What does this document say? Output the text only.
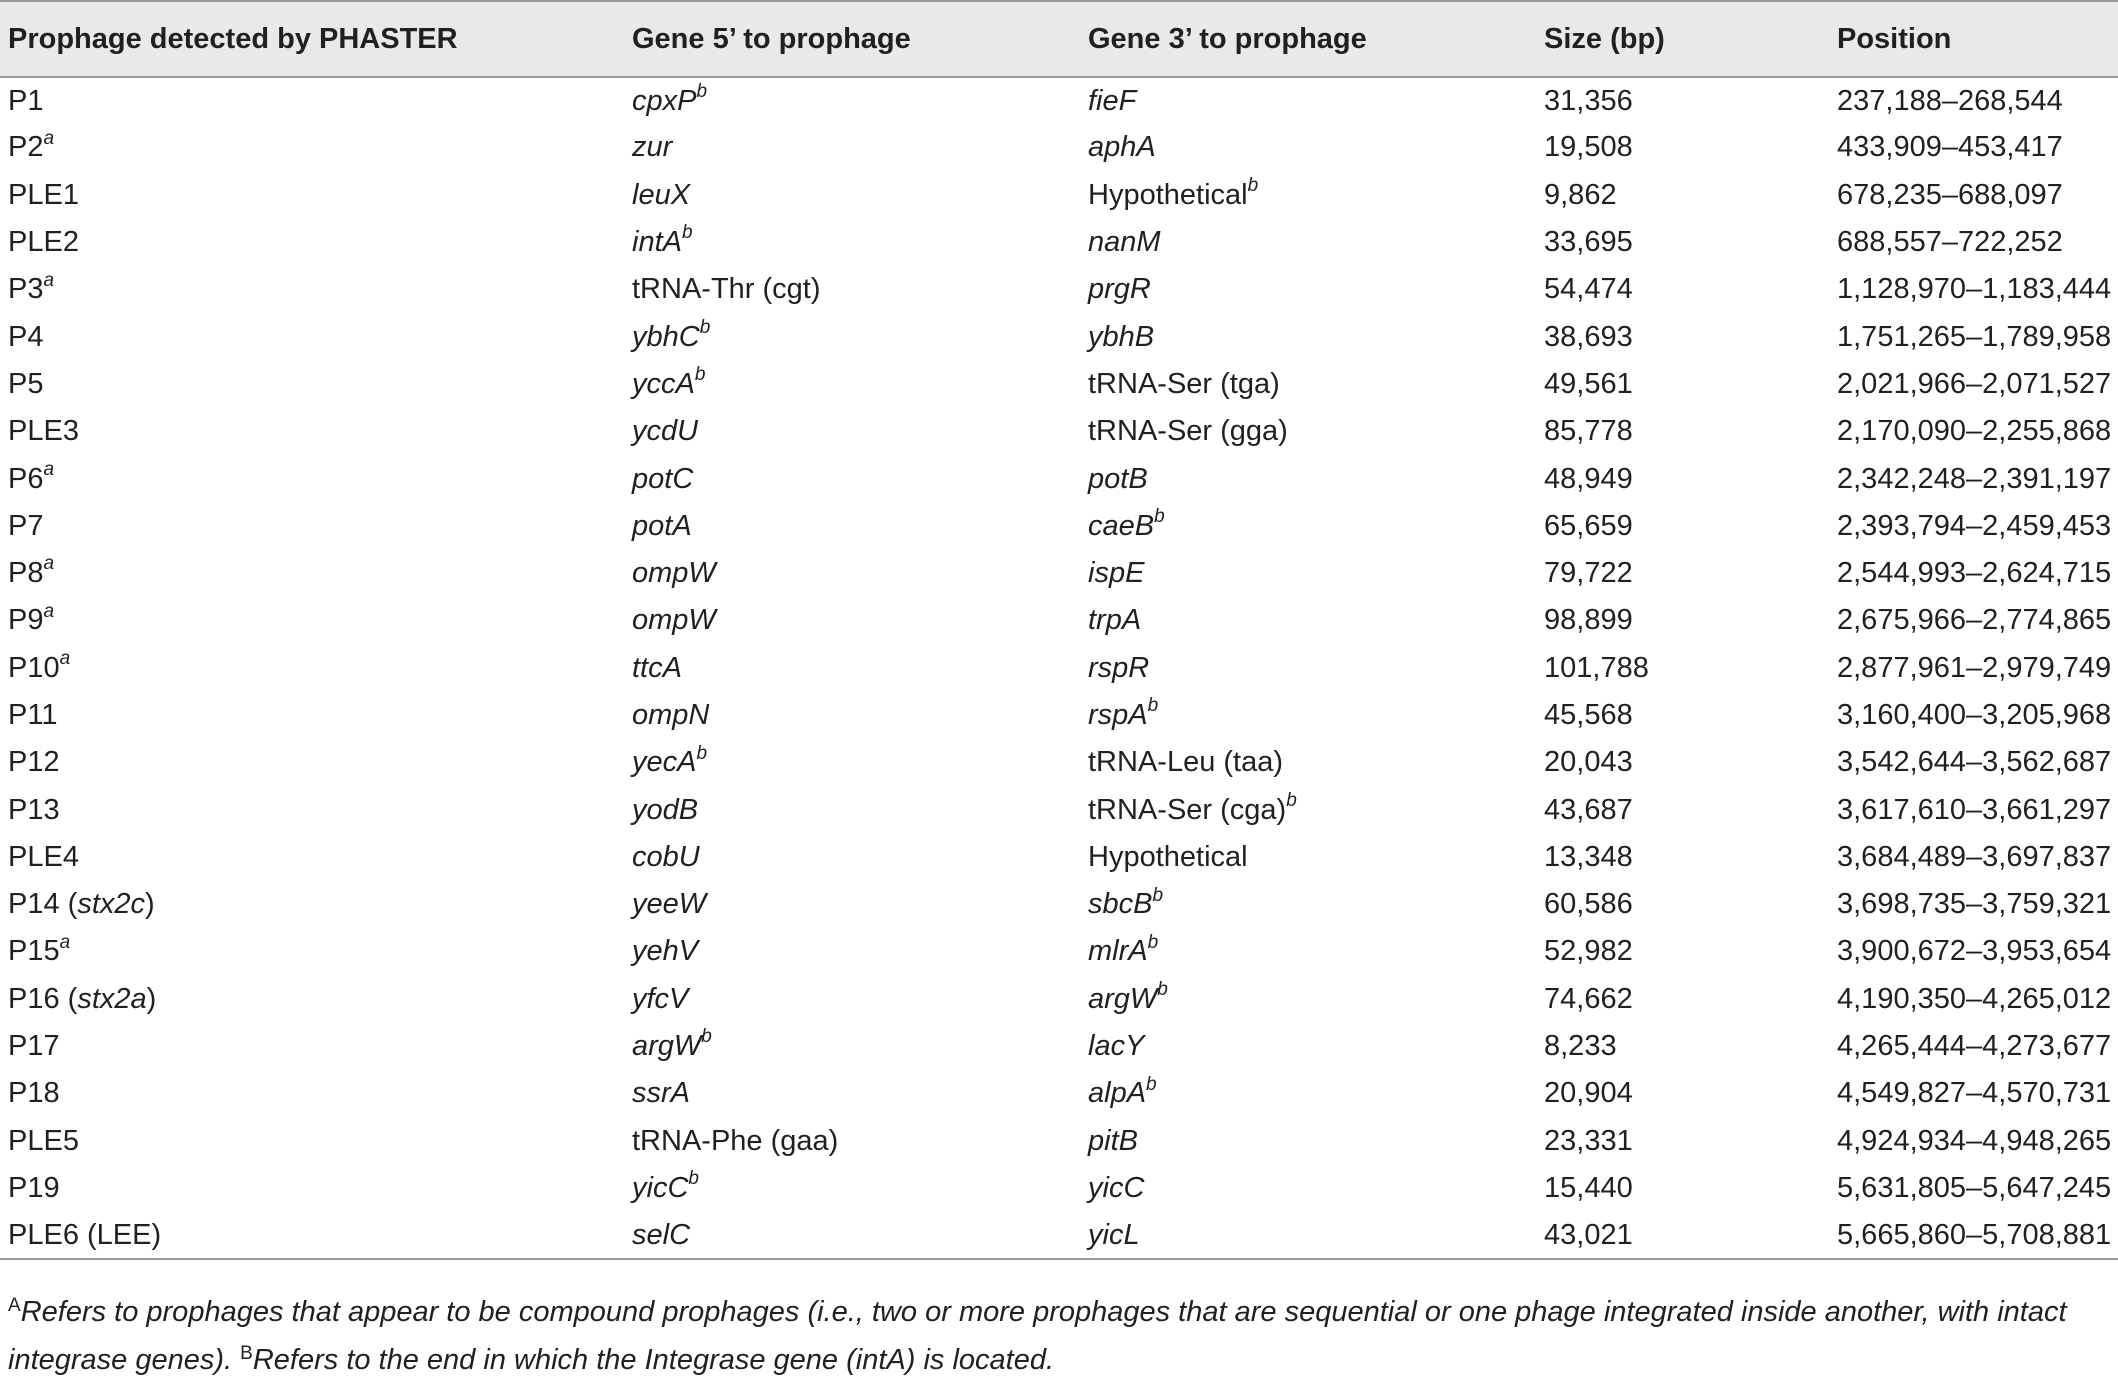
Prophage detected by PHASTER	Gene 5’ to prophage	Gene 3’ to prophage	Size (bp)	Position
P1	cpxP$^b$	fieF	31,356	237,188–268,544
P2$^a$	zur	aphA	19,508	433,909–453,417
PLE1	leuX	Hypothetical$^b$	9,862	678,235–688,097
PLE2	intA$^b$	nanM	33,695	688,557–722,252
P3$^a$	tRNA-Thr (cgt)	prgR	54,474	1,128,970–1,183,444
P4	ybhC$^b$	ybhB	38,693	1,751,265–1,789,958
P5	yccA$^b$	tRNA-Ser (tga)	49,561	2,021,966–2,071,527
PLE3	ycdU	tRNA-Ser (gga)	85,778	2,170,090–2,255,868
P6$^a$	potC	potB	48,949	2,342,248–2,391,197
P7	potA	caeB$^b$	65,659	2,393,794–2,459,453
P8$^a$	ompW	ispE	79,722	2,544,993–2,624,715
P9$^a$	ompW	trpA	98,899	2,675,966–2,774,865
P10$^a$	ttcA	rspR	101,788	2,877,961–2,979,749
P11	ompN	rspA$^b$	45,568	3,160,400–3,205,968
P12	yecA$^b$	tRNA-Leu (taa)	20,043	3,542,644–3,562,687
P13	yodB	tRNA-Ser (cga)$^b$	43,687	3,617,610–3,661,297
PLE4	cobU	Hypothetical	13,348	3,684,489–3,697,837
P14 (stx2c)	yeeW	sbcB$^b$	60,586	3,698,735–3,759,321
P15$^a$	yehV	mlrA$^b$	52,982	3,900,672–3,953,654
P16 (stx2a)	yfcV	argW$^b$	74,662	4,190,350–4,265,012
P17	argW$^b$	lacY	8,233	4,265,444–4,273,677
P18	ssrA	alpA$^b$	20,904	4,549,827–4,570,731
PLE5	tRNA-Phe (gaa)	pitB	23,331	4,924,934–4,948,265
P19	yicC$^b$	yicC	15,440	5,631,805–5,647,245
PLE6 (LEE)	selC	yicL	43,021	5,665,860–5,708,881
$^A$Refers to prophages that appear to be compound prophages (i.e., two or more prophages that are sequential or one phage integrated inside another, with intact integrase genes). $^B$Refers to the end in which the Integrase gene (intA) is located.
